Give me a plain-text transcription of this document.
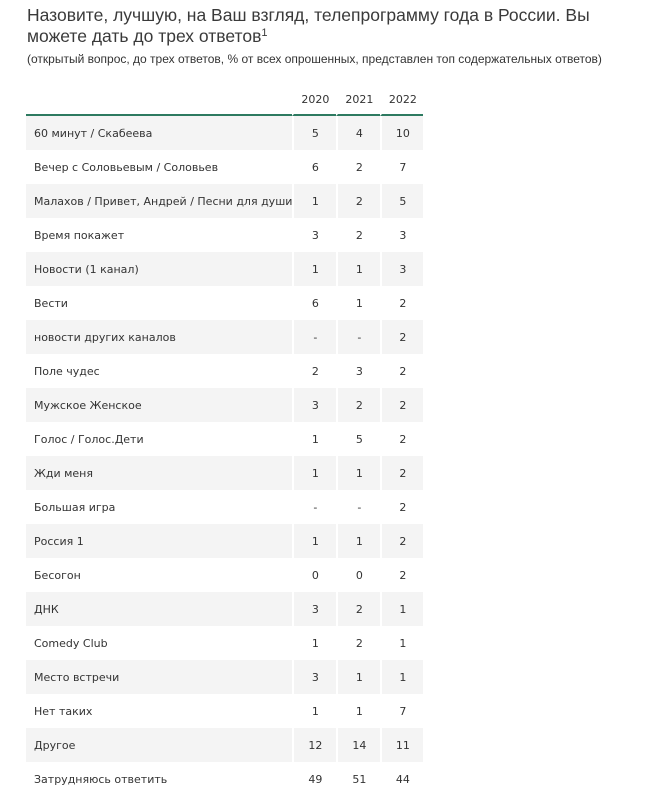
Назовите, лучшую, на Ваш взгляд, телепрограмму года в России. Вы можете дать до трех ответов$^1$
(открытый вопрос, до трех ответов, % от всех опрошенных, представлен топ содержательных ответов)
	2020	2021	2022
60 минут / Скабеева	5	4	10
Вечер с Соловьевым / Соловьев	6	2	7
Малахов / Привет, Андрей / Песни для души	1	2	5
Время покажет	3	2	3
Новости (1 канал)	1	1	3
Вести	6	1	2
новости других каналов	-	-	2
Поле чудес	2	3	2
Мужское Женское	3	2	2
Голос / Голос.Дети	1	5	2
Жди меня	1	1	2
Большая игра	-	-	2
Россия 1	1	1	2
Бесогон	0	0	2
ДНК	3	2	1
Comedy Club	1	2	1
Место встречи	3	1	1
Нет таких	1	1	7
Другое	12	14	11
Затрудняюсь ответить	49	51	44
